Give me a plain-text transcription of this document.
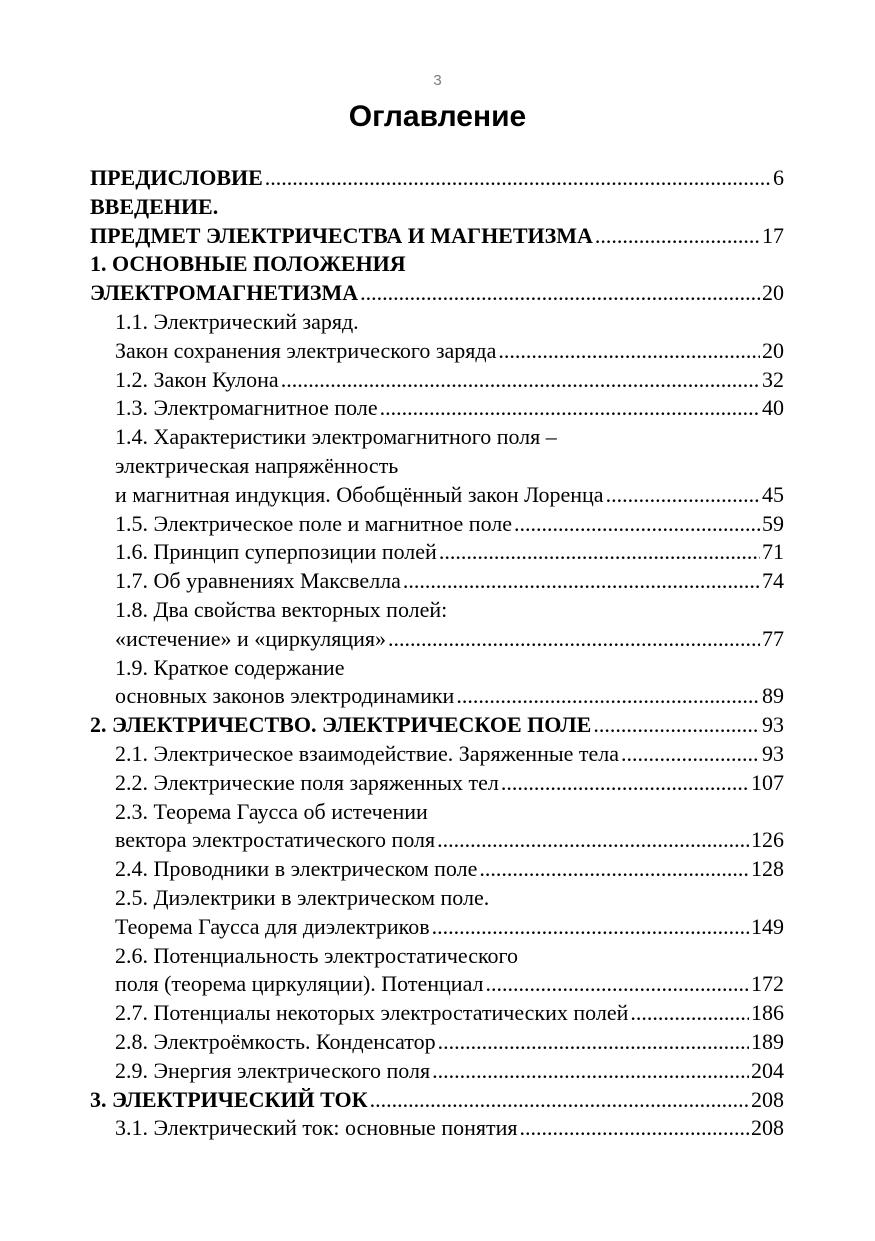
3
Оглавление
ПРЕДИСЛОВИЕ .....	6
ВВЕДЕНИЕ.
ПРЕДМЕТ ЭЛЕКТРИЧЕСТВА И МАГНЕТИЗМА .....	17
1. ОСНОВНЫЕ ПОЛОЖЕНИЯ
ЭЛЕКТРОМАГНЕТИЗМА .....	20
1.1. Электрический заряд.
Закон сохранения электрического заряда .....	20
1.2. Закон Кулона .....	32
1.3. Электромагнитное поле .....	40
1.4. Характеристики электромагнитного поля –
электрическая напряжённость
и магнитная индукция. Обобщённый закон Лоренца .....	45
1.5. Электрическое поле и магнитное поле .....	59
1.6. Принцип суперпозиции полей .....	71
1.7. Об уравнениях Максвелла .....	74
1.8. Два свойства векторных полей:
«истечение» и «циркуляция» .....	77
1.9. Краткое содержание
основных законов электродинамики .....	89
2. ЭЛЕКТРИЧЕСТВО. ЭЛЕКТРИЧЕСКОЕ ПОЛЕ .....	93
2.1. Электрическое взаимодействие. Заряженные тела .....	93
2.2. Электрические поля заряженных тел .....	107
2.3. Теорема Гаусса об истечении
вектора электростатического поля .....	126
2.4. Проводники в электрическом поле .....	128
2.5. Диэлектрики в электрическом поле.
Теорема Гаусса для диэлектриков .....	149
2.6. Потенциальность электростатического
поля (теорема циркуляции). Потенциал .....	172
2.7. Потенциалы некоторых электростатических полей .....	186
2.8. Электроёмкость. Конденсатор .....	189
2.9. Энергия электрического поля .....	204
3. ЭЛЕКТРИЧЕСКИЙ ТОК .....	208
3.1. Электрический ток: основные понятия .....	208
